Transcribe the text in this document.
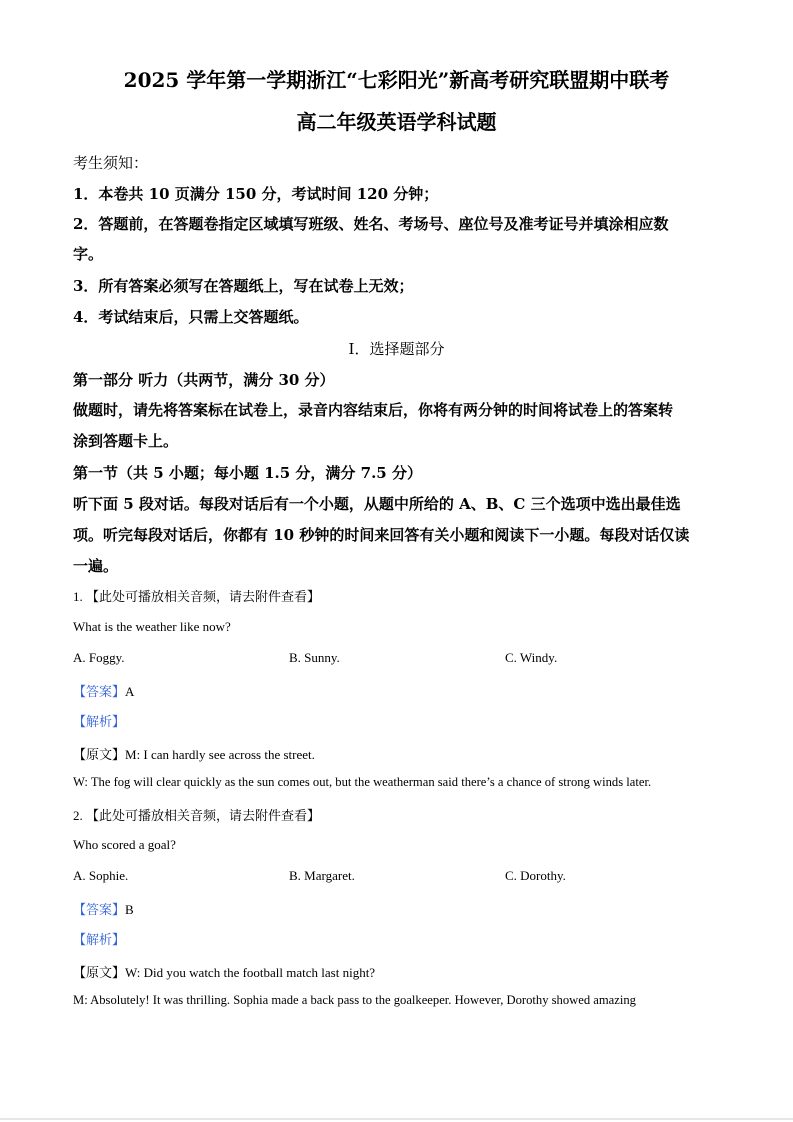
2025 学年第一学期浙江“七彩阳光”新高考研究联盟期中联考
高二年级英语学科试题
考生须知：
1．本卷共 10 页满分 150 分，考试时间 120 分钟；
2．答题前，在答题卷指定区域填写班级、姓名、考场号、座位号及准考证号并填涂相应数
字。
3．所有答案必须写在答题纸上，写在试卷上无效；
4．考试结束后，只需上交答题纸。
Ⅰ．选择题部分
第一部分 听力（共两节，满分 30 分）
做题时，请先将答案标在试卷上，录音内容结束后，你将有两分钟的时间将试卷上的答案转
涂到答题卡上。
第一节（共 5 小题；每小题 1.5 分，满分 7.5 分）
听下面 5 段对话。每段对话后有一个小题，从题中所给的 A、B、C 三个选项中选出最佳选
项。听完每段对话后，你都有 10 秒钟的时间来回答有关小题和阅读下一小题。每段对话仅读
一遍。
1. 【此处可播放相关音频，请去附件查看】
What is the weather like now?
A. Foggy.	B. Sunny.	C. Windy.
【答案】A
【解析】
【原文】M: I can hardly see across the street.
W: The fog will clear quickly as the sun comes out, but the weatherman said there’s a chance of strong winds later.
2. 【此处可播放相关音频，请去附件查看】
Who scored a goal?
A. Sophie.	B. Margaret.	C. Dorothy.
【答案】B
【解析】
【原文】W: Did you watch the football match last night?
M: Absolutely! It was thrilling. Sophia made a back pass to the goalkeeper. However, Dorothy showed amazing
